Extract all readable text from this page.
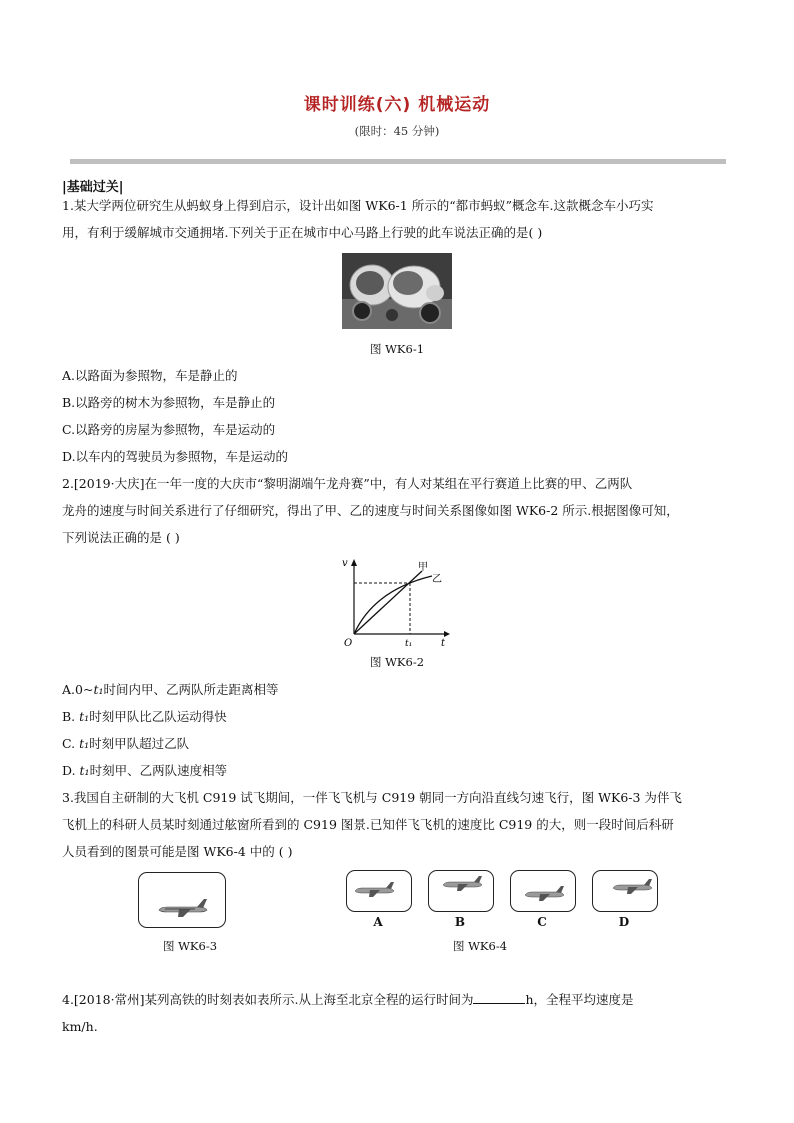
课时训练(六) 机械运动
(限时：45 分钟)
|基础过关|
1.某大学两位研究生从蚂蚁身上得到启示，设计出如图 WK6-1 所示的“都市蚂蚁”概念车.这款概念车小巧实
用，有利于缓解城市交通拥堵.下列关于正在城市中心马路上行驶的此车说法正确的是( )
图 WK6-1
A.以路面为参照物，车是静止的
B.以路旁的树木为参照物，车是静止的
C.以路旁的房屋为参照物，车是运动的
D.以车内的驾驶员为参照物，车是运动的
2.[2019·大庆]在一年一度的大庆市“黎明湖端午龙舟赛”中，有人对某组在平行赛道上比赛的甲、乙两队
龙舟的速度与时间关系进行了仔细研究，得出了甲、乙的速度与时间关系图像如图 WK6-2 所示.根据图像可知，
下列说法正确的是 ( )
v
t
O	t₁
甲
乙
图 WK6-2
A.0~t₁时间内甲、乙两队所走距离相等
B. t₁时刻甲队比乙队运动得快
C. t₁时刻甲队超过乙队
D. t₁时刻甲、乙两队速度相等
3.我国自主研制的大飞机 C919 试飞期间，一伴飞飞机与 C919 朝同一方向沿直线匀速飞行，图 WK6-3 为伴飞
飞机上的科研人员某时刻通过舷窗所看到的 C919 图景.已知伴飞飞机的速度比 C919 的大，则一段时间后科研
人员看到的图景可能是图 WK6-4 中的 ( )
图 WK6-3
A	B	C	D
图 WK6-4
4.[2018·常州]某列高铁的时刻表如表所示.从上海至北京全程的运行时间为	h，全程平均速度是
km/h.
